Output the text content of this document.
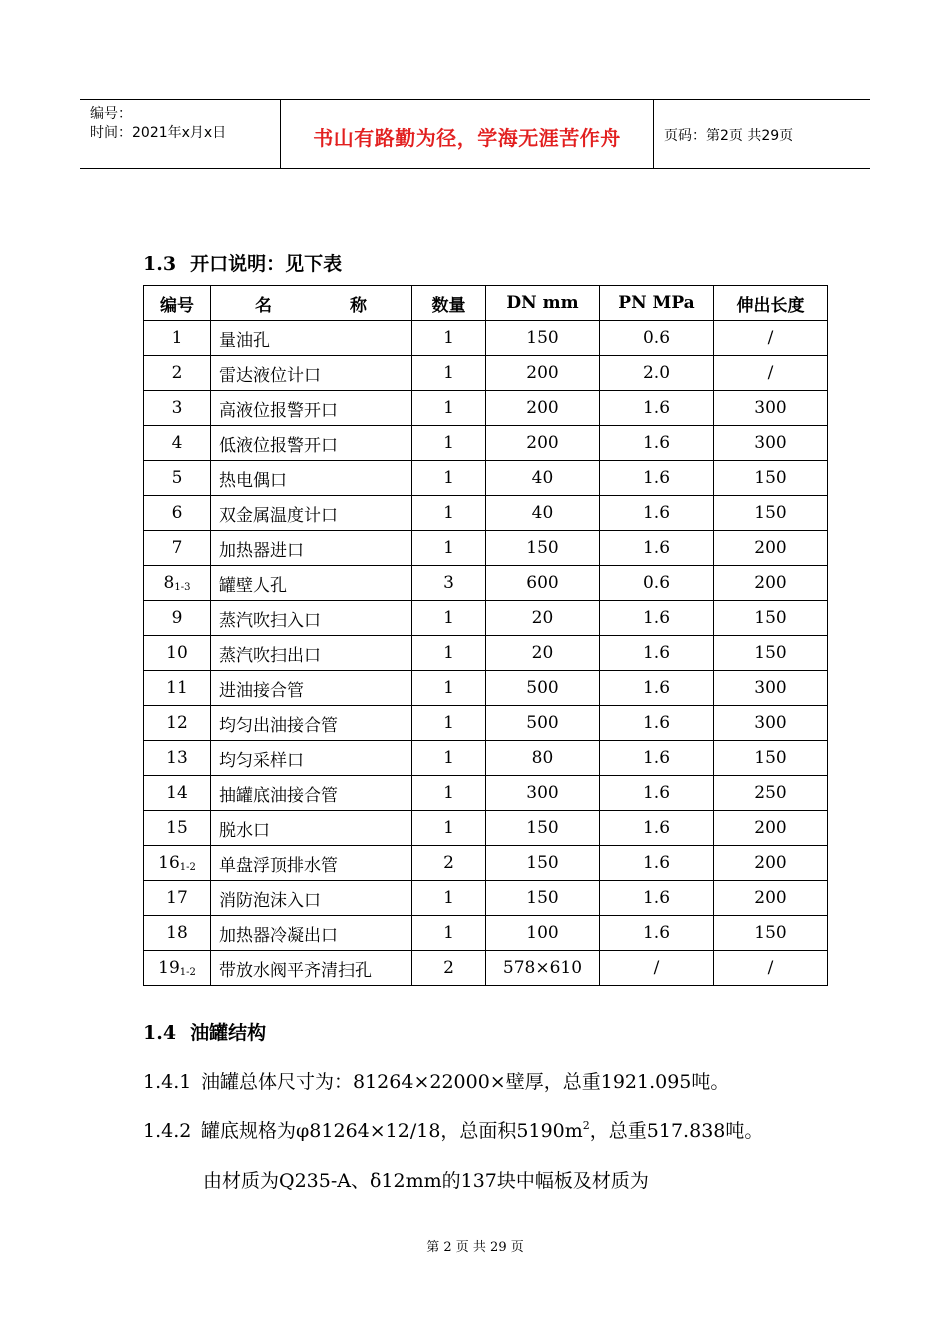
编号：
时间：2021年x月x日	书山有路勤为径，学海无涯苦作舟	页码：第2页 共29页
1.3 开口说明：见下表
编号	名 称	数量	DN mm	PN MPa	伸出长度
1	量油孔	1	150	0.6	/
2	雷达液位计口	1	200	2.0	/
3	高液位报警开口	1	200	1.6	300
4	低液位报警开口	1	200	1.6	300
5	热电偶口	1	40	1.6	150
6	双金属温度计口	1	40	1.6	150
7	加热器进口	1	150	1.6	200
$8_{1-3}$	罐壁人孔	3	600	0.6	200
9	蒸汽吹扫入口	1	20	1.6	150
10	蒸汽吹扫出口	1	20	1.6	150
11	进油接合管	1	500	1.6	300
12	均匀出油接合管	1	500	1.6	300
13	均匀采样口	1	80	1.6	150
14	抽罐底油接合管	1	300	1.6	250
15	脱水口	1	150	1.6	200
$16_{1-2}$	单盘浮顶排水管	2	150	1.6	200
17	消防泡沫入口	1	150	1.6	200
18	加热器冷凝出口	1	100	1.6	150
$19_{1-2}$	带放水阀平齐清扫孔	2	578×610	/	/
1.4 油罐结构
1.4.1 油罐总体尺寸为：81264×22000×壁厚，总重1921.095吨。
1.4.2 罐底规格为φ81264×12/18，总面积$5190m^2$，总重517.838吨。
由材质为Q235-A、δ12mm的137块中幅板及材质为
第 2 页 共 29 页
